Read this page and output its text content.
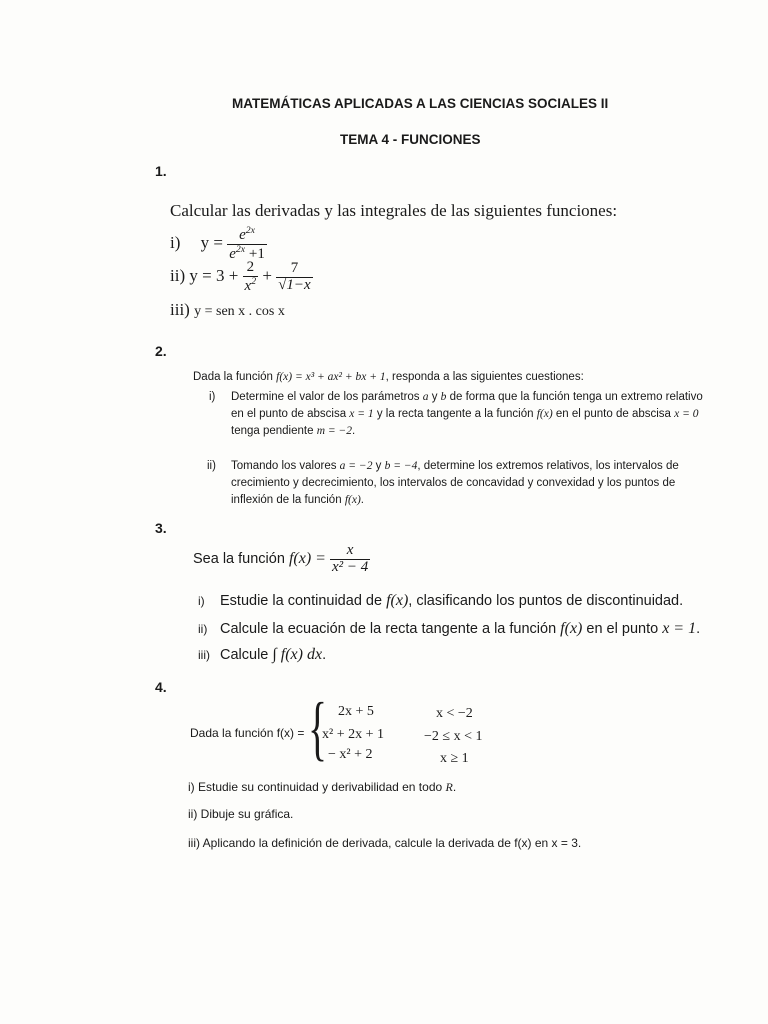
MATEMÁTICAS APLICADAS A LAS CIENCIAS SOCIALES II
TEMA 4 - FUNCIONES
1.
Calcular las derivadas y las integrales de las siguientes funciones:
i) $y = \frac{e^{2x}}{e^{2x} +1}$
ii) $y = 3 + \frac{2}{x^2} + \frac{7}{√1-x}$
iii) y = sen x . cos x
2.
Dada la función f(x) = x³ + ax² + bx + 1, responda a las siguientes cuestiones:
i) Determine el valor de los parámetros a y b de forma que la función tenga un extremo relativo en el punto de abscisa x = 1 y la recta tangente a la función f(x) en el punto de abscisa x = 0 tenga pendiente m = −2.
ii) Tomando los valores a = −2 y b = −4, determine los extremos relativos, los intervalos de crecimiento y decrecimiento, los intervalos de concavidad y convexidad y los puntos de inflexión de la función f(x).
3.
Sea la función $f(x) = \frac{x}{\text{x² − 4}}$
i) Estudie la continuidad de f(x), clasificando los puntos de discontinuidad.
ii) Calcule la ecuación de la recta tangente a la función f(x) en el punto x = 1.
iii) Calcule ∫ f(x) dx.
4.
Dada la función f(x) = { 2x + 5	x < −2
x² + 2x + 1	−2 ≤ x < 1
− x² + 2	x ≥ 1
i) Estudie su continuidad y derivabilidad en todo R.
ii) Dibuje su gráfica.
iii) Aplicando la definición de derivada, calcule la derivada de f(x) en x = 3.
